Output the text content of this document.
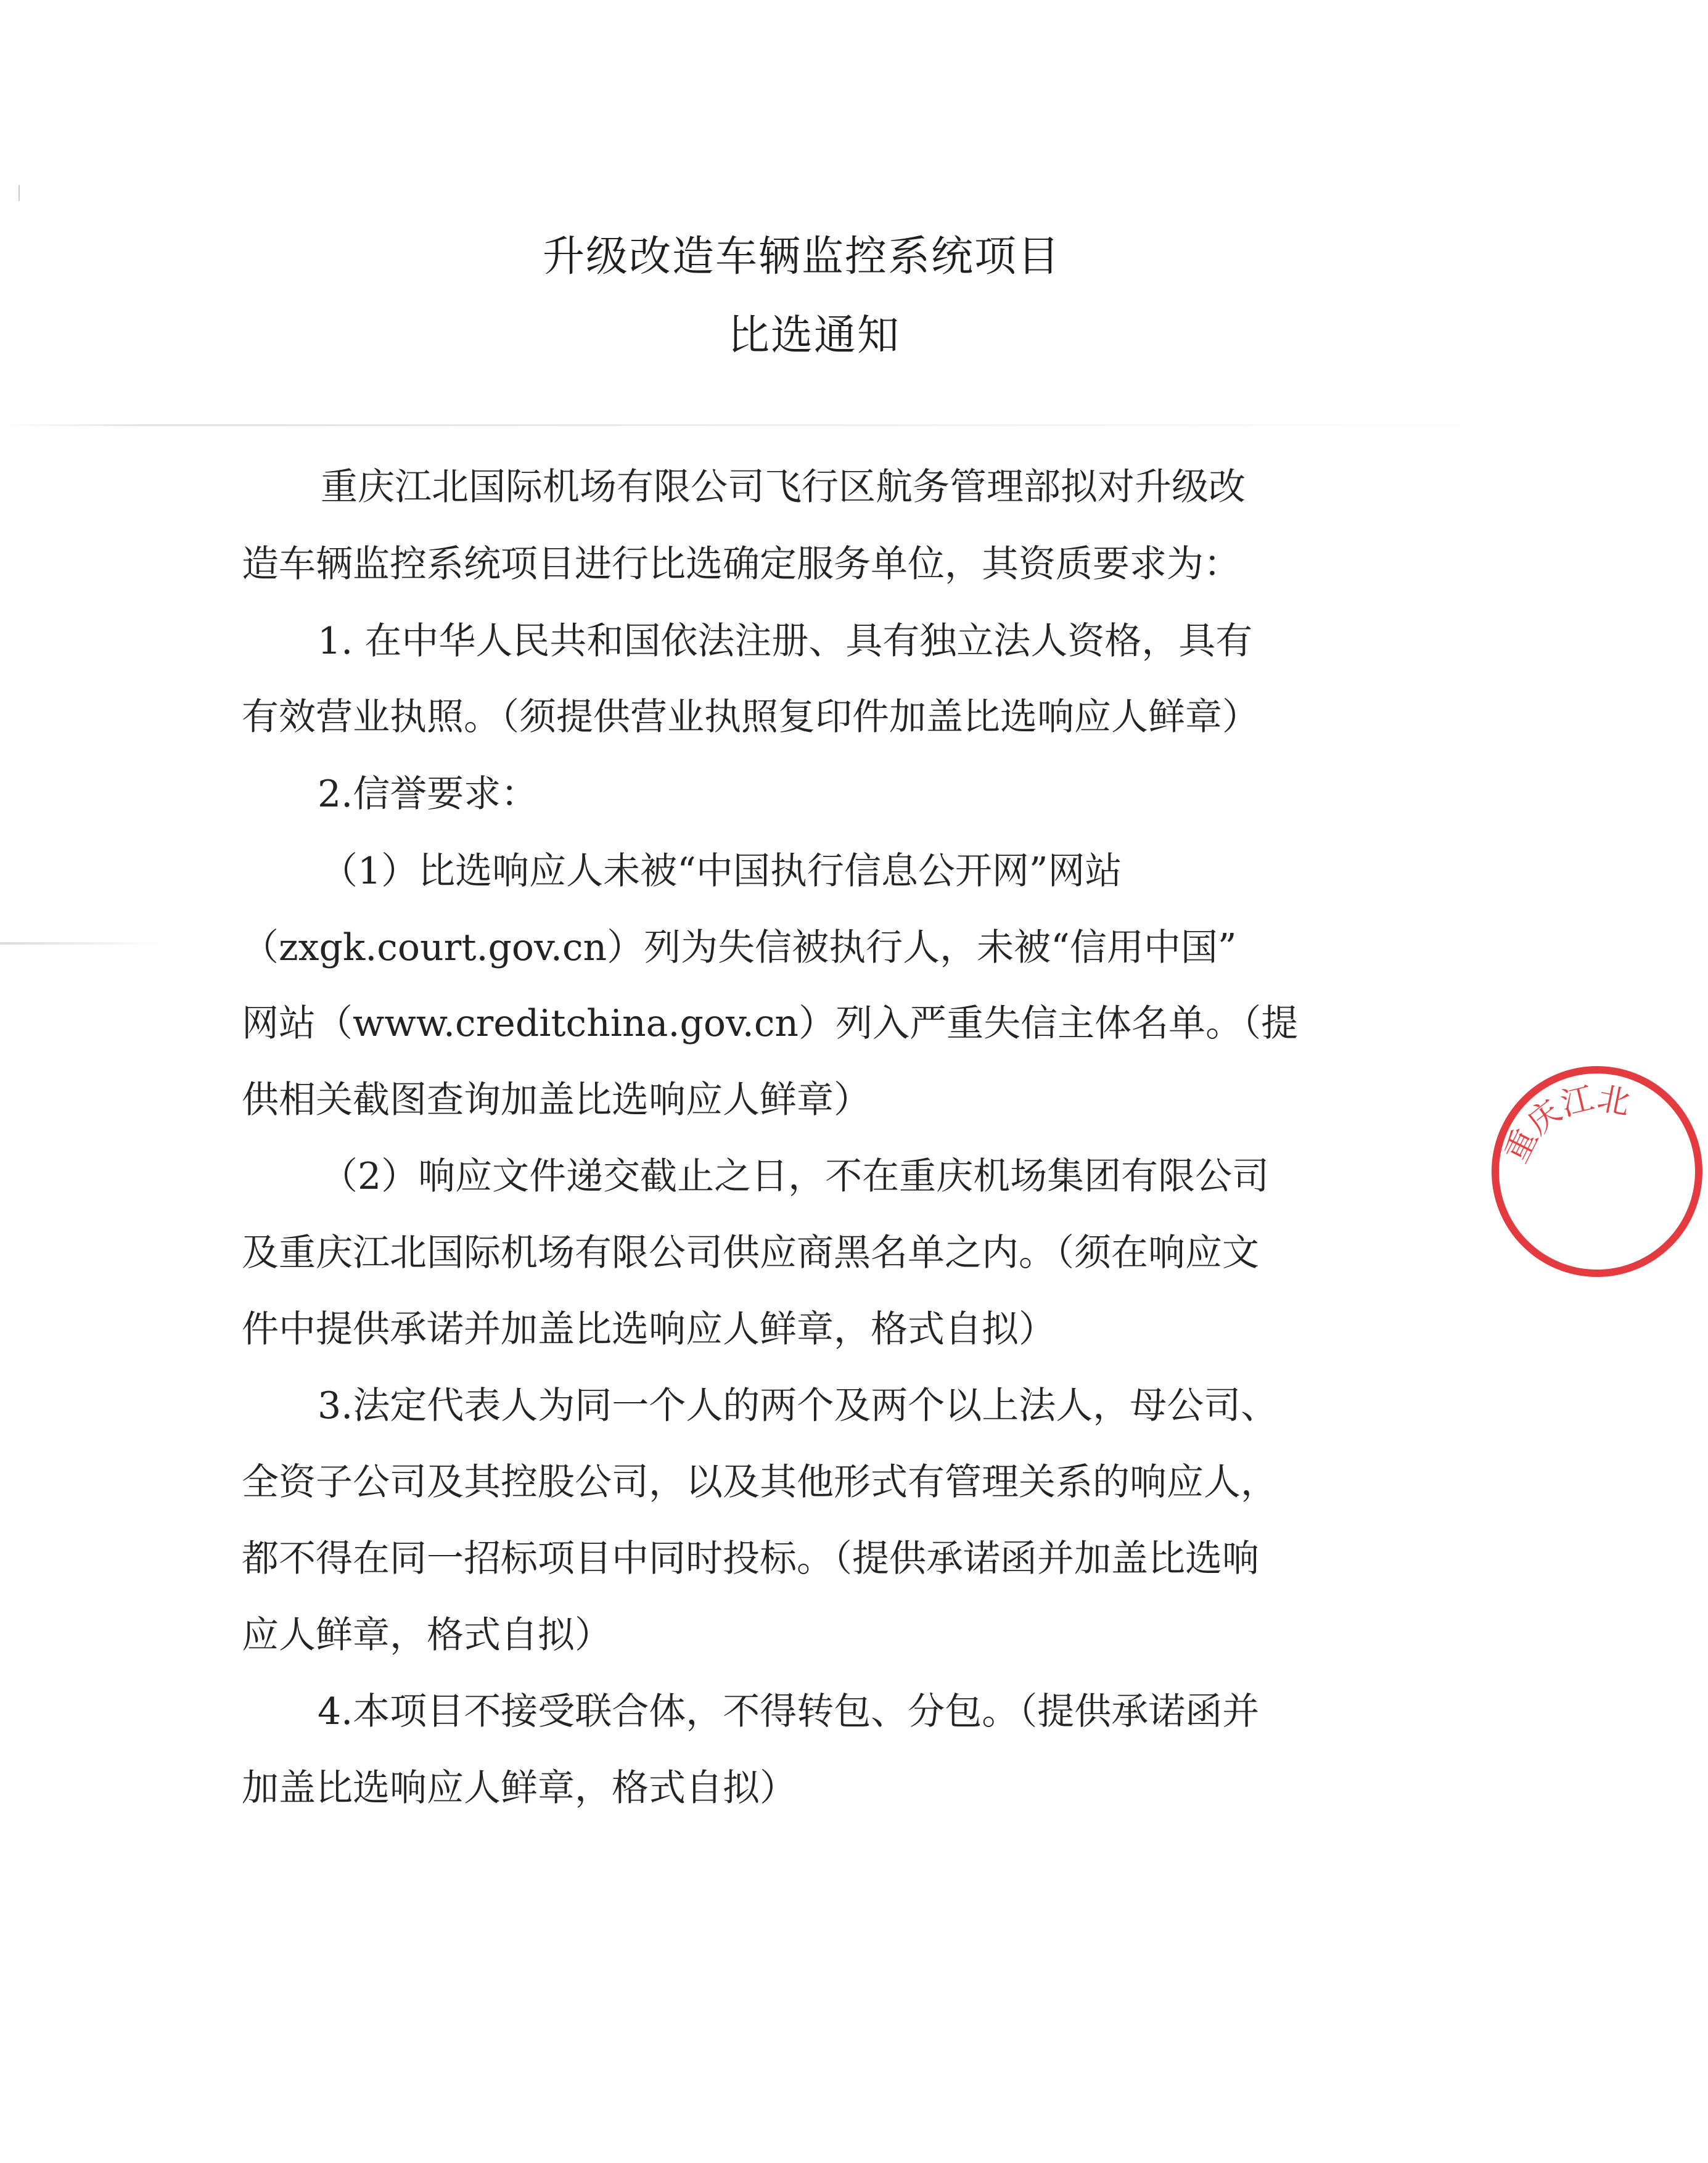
升级改造车辆监控系统项目
比选通知
重庆江北国际机场有限公司飞行区航务管理部拟对升级改
造车辆监控系统项目进行比选确定服务单位，其资质要求为：
1. 在中华人民共和国依法注册、具有独立法人资格，具有
有效营业执照。（须提供营业执照复印件加盖比选响应人鲜章）
2.信誉要求：
（1）比选响应人未被“中国执行信息公开网”网站
（zxgk.court.gov.cn）列为失信被执行人，未被“信用中国”
网站（www.creditchina.gov.cn）列入严重失信主体名单。（提
供相关截图查询加盖比选响应人鲜章）
（2）响应文件递交截止之日，不在重庆机场集团有限公司
及重庆江北国际机场有限公司供应商黑名单之内。（须在响应文
件中提供承诺并加盖比选响应人鲜章，格式自拟）
3.法定代表人为同一个人的两个及两个以上法人，母公司、
全资子公司及其控股公司，以及其他形式有管理关系的响应人，
都不得在同一招标项目中同时投标。（提供承诺函并加盖比选响
应人鲜章，格式自拟）
4.本项目不接受联合体，不得转包、分包。（提供承诺函并
加盖比选响应人鲜章，格式自拟）
重庆江北
